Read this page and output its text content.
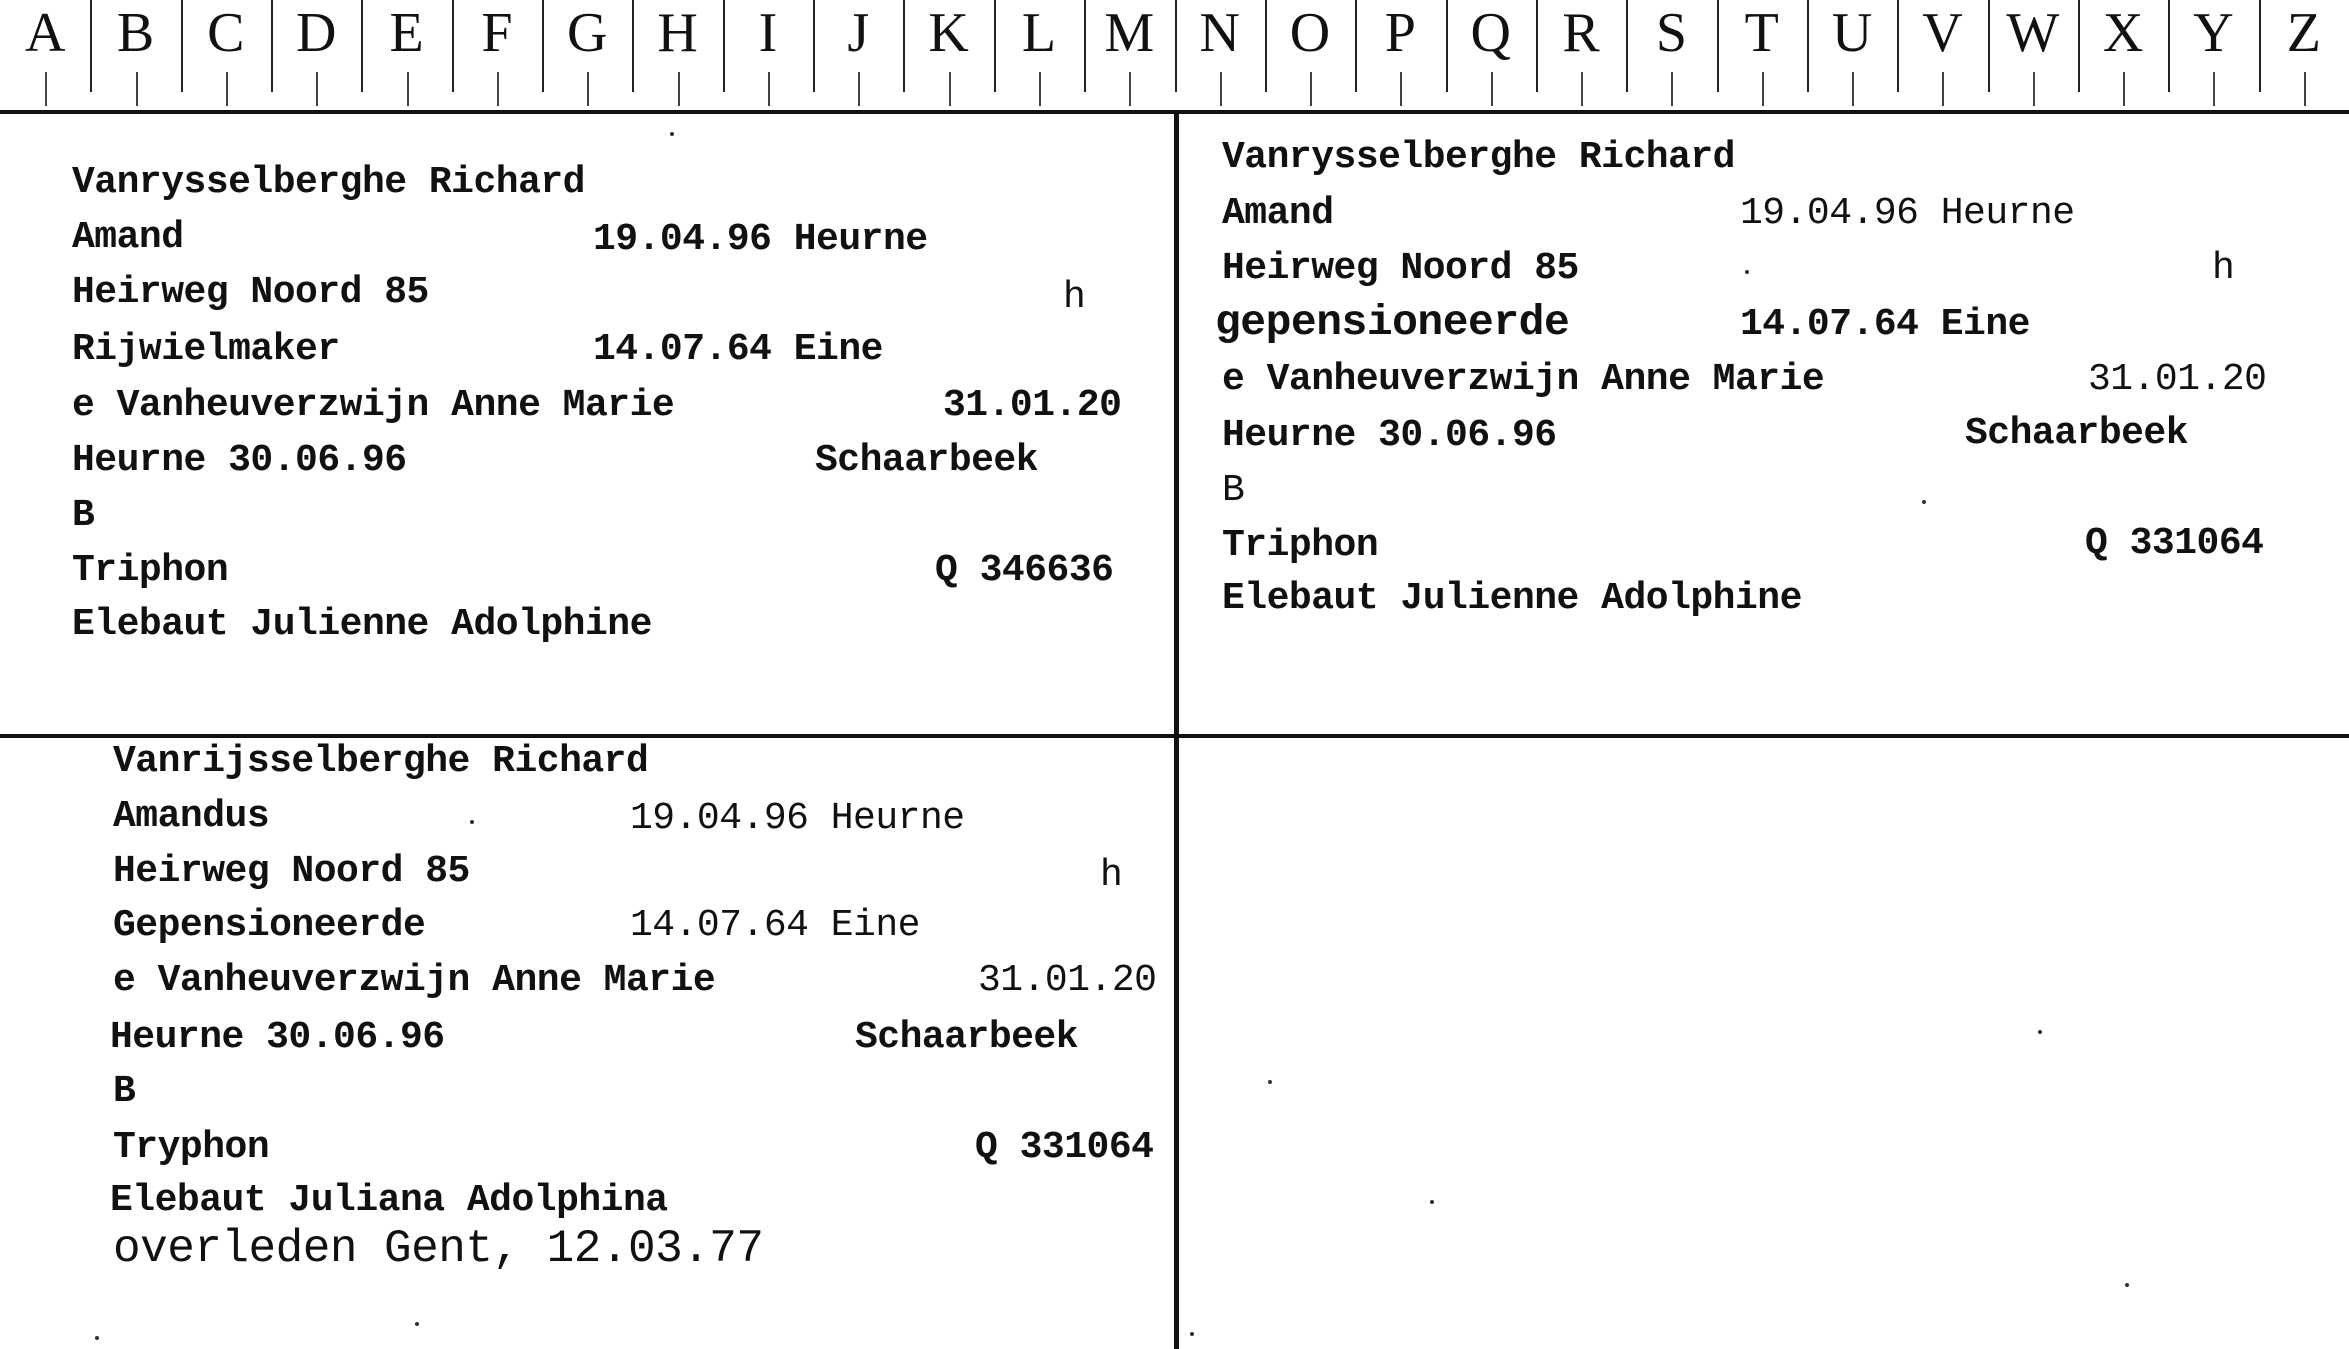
A B C D E	F G H	I	J	K L M N O P Q R	S	T U V W X Y Z
Vanrysselberghe Richard
Amand	19.04.96 Heurne
Heirweg Noord 85	h
Rijwielmaker	14.07.64 Eine
e Vanheuverzwijn Anne Marie	31.01.20
Heurne 30.06.96	Schaarbeek
B
Triphon	Q 346636
Elebaut Julienne Adolphine
Vanrysselberghe Richard
Amand	19.04.96 Heurne
Heirweg Noord 85	h
gepensioneerde	14.07.64 Eine
e Vanheuverzwijn Anne Marie	31.01.20
Heurne 30.06.96	Schaarbeek
B
Triphon	Q 331064
Elebaut Julienne Adolphine
Vanrijsselberghe Richard
Amandus	19.04.96 Heurne
Heirweg Noord 85	h
Gepensioneerde	14.07.64 Eine
e Vanheuverzwijn Anne Marie	31.01.20
Heurne 30.06.96	Schaarbeek
B
Tryphon	Q 331064
Elebaut Juliana Adolphina
overleden Gent, 12.03.77
